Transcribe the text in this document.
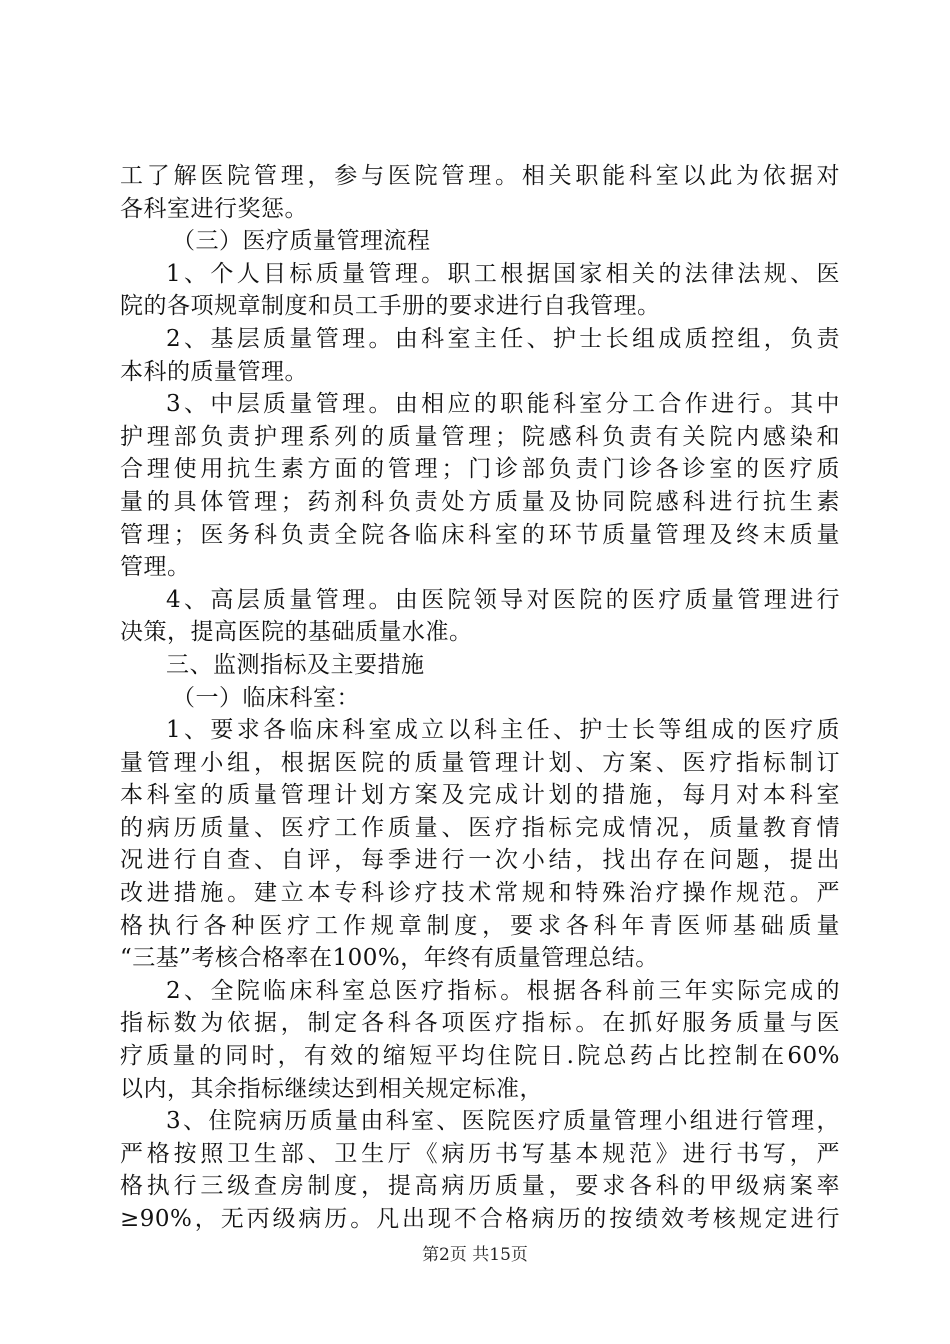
工了解医院管理，参与医院管理。相关职能科室以此为依据对
各科室进行奖惩。
（三）医疗质量管理流程
1、个人目标质量管理。职工根据国家相关的法律法规、医
院的各项规章制度和员工手册的要求进行自我管理。
2、基层质量管理。由科室主任、护士长组成质控组，负责
本科的质量管理。
3、中层质量管理。由相应的职能科室分工合作进行。其中
护理部负责护理系列的质量管理；院感科负责有关院内感染和
合理使用抗生素方面的管理；门诊部负责门诊各诊室的医疗质
量的具体管理；药剂科负责处方质量及协同院感科进行抗生素
管理；医务科负责全院各临床科室的环节质量管理及终末质量
管理。
4、高层质量管理。由医院领导对医院的医疗质量管理进行
决策，提高医院的基础质量水准。
三、监测指标及主要措施
（一）临床科室：
1、要求各临床科室成立以科主任、护士长等组成的医疗质
量管理小组，根据医院的质量管理计划、方案、医疗指标制订
本科室的质量管理计划方案及完成计划的措施，每月对本科室
的病历质量、医疗工作质量、医疗指标完成情况，质量教育情
况进行自查、自评，每季进行一次小结，找出存在问题，提出
改进措施。建立本专科诊疗技术常规和特殊治疗操作规范。严
格执行各种医疗工作规章制度，要求各科年青医师基础质量
“三基”考核合格率在100%，年终有质量管理总结。
2、全院临床科室总医疗指标。根据各科前三年实际完成的
指标数为依据，制定各科各项医疗指标。在抓好服务质量与医
疗质量的同时，有效的缩短平均住院日.院总药占比控制在60%
以内，其余指标继续达到相关规定标准，
3、住院病历质量由科室、医院医疗质量管理小组进行管理，
严格按照卫生部、卫生厅《病历书写基本规范》进行书写，严
格执行三级查房制度，提高病历质量，要求各科的甲级病案率
≥90%，无丙级病历。凡出现不合格病历的按绩效考核规定进行
第2页 共15页
